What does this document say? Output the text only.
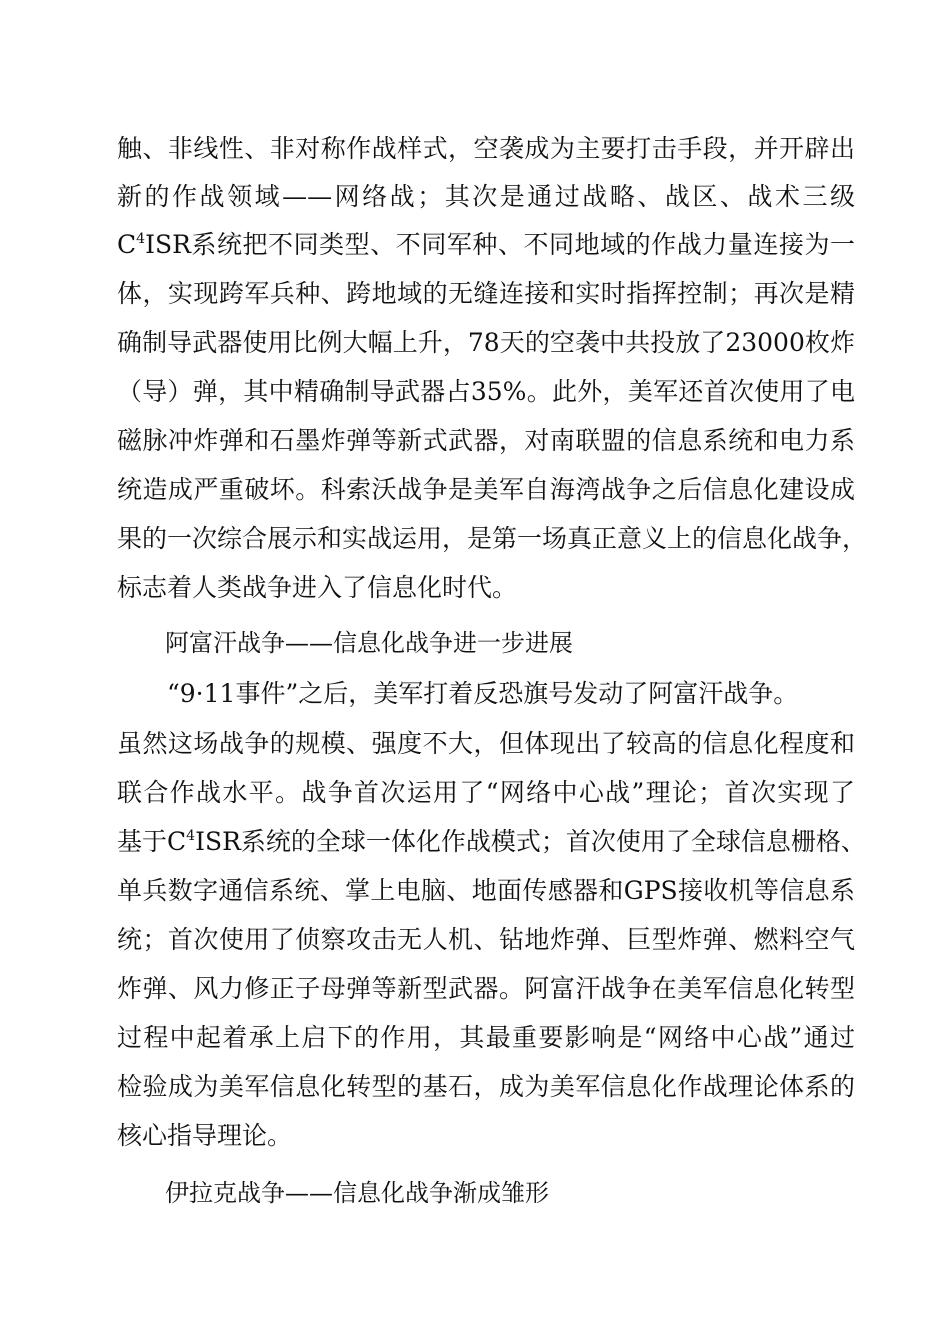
触、非线性、非对称作战样式，空袭成为主要打击手段，并开辟出
新的作战领域——网络战；其次是通过战略、战区、战术三级
$C^4ISR$系统把不同类型、不同军种、不同地域的作战力量连接为一
体，实现跨军兵种、跨地域的无缝连接和实时指挥控制；再次是精
确制导武器使用比例大幅上升，78天的空袭中共投放了23000枚炸
（导）弹，其中精确制导武器占35%。此外，美军还首次使用了电
磁脉冲炸弹和石墨炸弹等新式武器，对南联盟的信息系统和电力系
统造成严重破坏。科索沃战争是美军自海湾战争之后信息化建设成
果的一次综合展示和实战运用，是第一场真正意义上的信息化战争，
标志着人类战争进入了信息化时代。
阿富汗战争——信息化战争进一步进展
“9·11事件”之后，美军打着反恐旗号发动了阿富汗战争。
虽然这场战争的规模、强度不大，但体现出了较高的信息化程度和
联合作战水平。战争首次运用了“网络中心战”理论；首次实现了
基于$C^4ISR$系统的全球一体化作战模式；首次使用了全球信息栅格、
单兵数字通信系统、掌上电脑、地面传感器和GPS接收机等信息系
统；首次使用了侦察攻击无人机、钻地炸弹、巨型炸弹、燃料空气
炸弹、风力修正子母弹等新型武器。阿富汗战争在美军信息化转型
过程中起着承上启下的作用，其最重要影响是“网络中心战”通过
检验成为美军信息化转型的基石，成为美军信息化作战理论体系的
核心指导理论。
伊拉克战争——信息化战争渐成雏形
